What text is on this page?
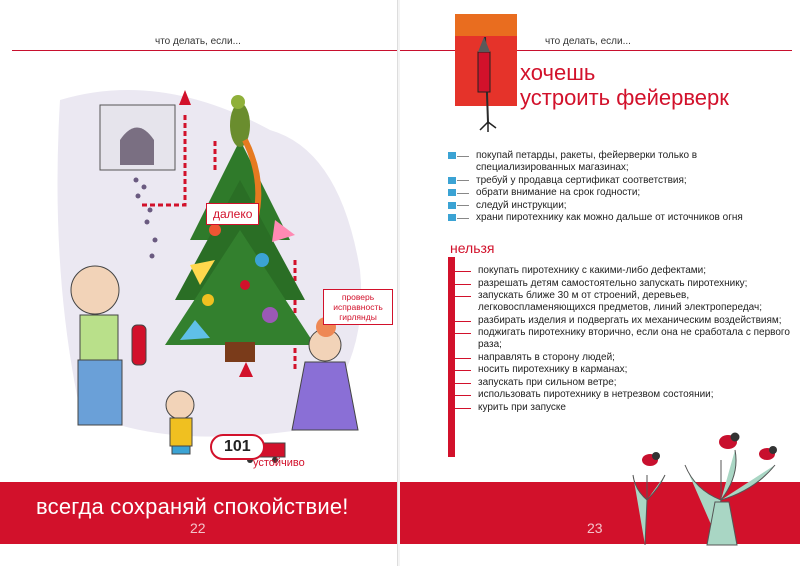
что делать, если...
далеко
проверь исправность гирлянды
101
устойчиво
всегда сохраняй спокойствие!
22
что делать, если...
хочешь
устроить фейерверк
покупай петарды, ракеты, фейерверки только в специализированных магазинах;
требуй у продавца сертификат соответствия;
обрати внимание на срок годности;
следуй инструкции;
храни пиротехнику как можно дальше от источников огня
нельзя
покупать пиротехнику с какими-либо дефектами;
разрешать детям самостоятельно запускать пиротехнику;
запускать ближе 30 м от строений, деревьев, легковоспламеняющихся предметов, линий электропередач;
разбирать изделия и подвергать их механическим воздействиям;
поджигать пиротехнику вторично, если она не сработала с первого раза;
направлять в сторону людей;
носить пиротехнику в карманах;
запускать при сильном ветре;
использовать пиротехнику в нетрезвом состоянии;
курить при запуске
23
